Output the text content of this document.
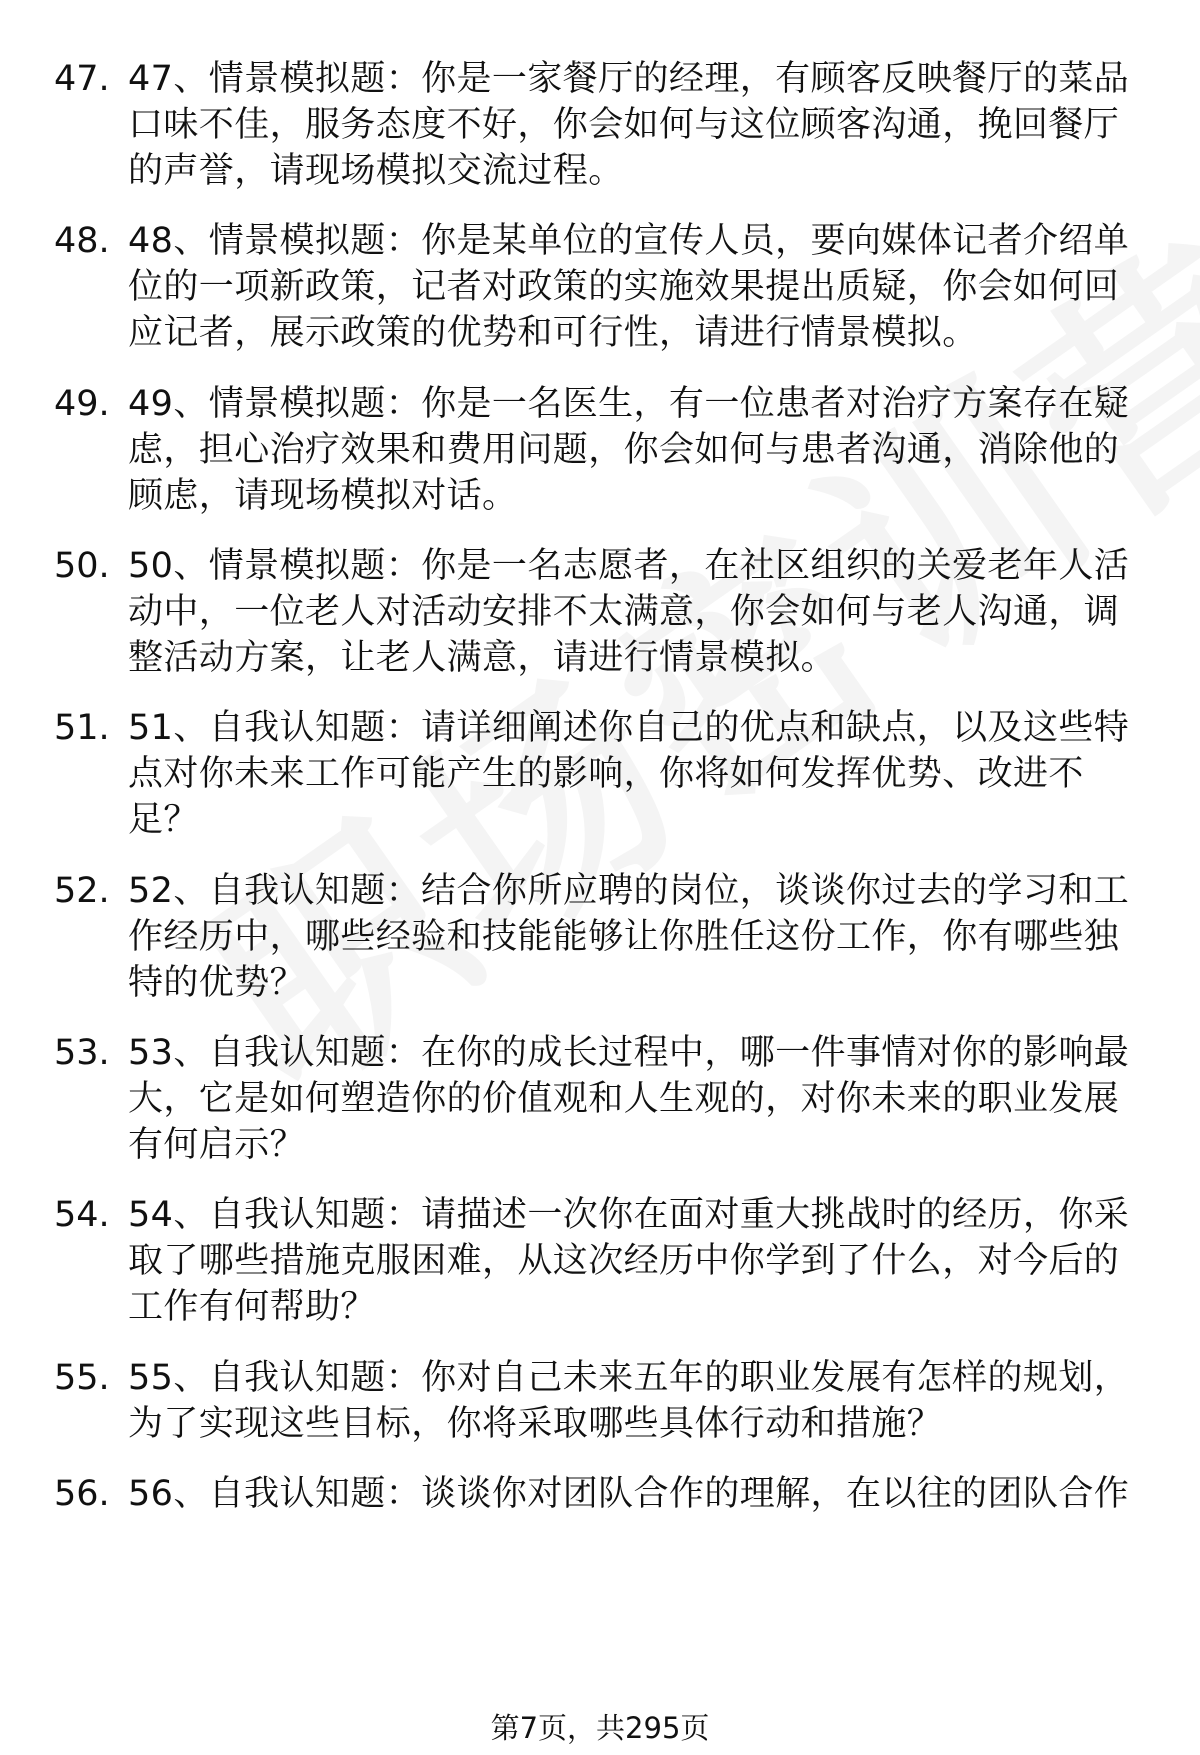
47. 47、情景模拟题：你是一家餐厅的经理，有顾客反映餐厅的菜品
口味不佳，服务态度不好，你会如何与这位顾客沟通，挽回餐厅
的声誉，请现场模拟交流过程。
48. 48、情景模拟题：你是某单位的宣传人员，要向媒体记者介绍单
位的一项新政策，记者对政策的实施效果提出质疑，你会如何回
应记者，展示政策的优势和可行性，请进行情景模拟。
49. 49、情景模拟题：你是一名医生，有一位患者对治疗方案存在疑
虑，担心治疗效果和费用问题，你会如何与患者沟通，消除他的
顾虑，请现场模拟对话。
50. 50、情景模拟题：你是一名志愿者，在社区组织的关爱老年人活
动中，一位老人对活动安排不太满意，你会如何与老人沟通，调
整活动方案，让老人满意，请进行情景模拟。
51. 51、自我认知题：请详细阐述你自己的优点和缺点，以及这些特
点对你未来工作可能产生的影响，你将如何发挥优势、改进不
足？
52. 52、自我认知题：结合你所应聘的岗位，谈谈你过去的学习和工
作经历中，哪些经验和技能能够让你胜任这份工作，你有哪些独
特的优势？
53. 53、自我认知题：在你的成长过程中，哪一件事情对你的影响最
大，它是如何塑造你的价值观和人生观的，对你未来的职业发展
有何启示？
54. 54、自我认知题：请描述一次你在面对重大挑战时的经历，你采
取了哪些措施克服困难，从这次经历中你学到了什么，对今后的
工作有何帮助？
55. 55、自我认知题：你对自己未来五年的职业发展有怎样的规划，
为了实现这些目标，你将采取哪些具体行动和措施？
56. 56、自我认知题：谈谈你对团队合作的理解，在以往的团队合作
第7页，共295页
